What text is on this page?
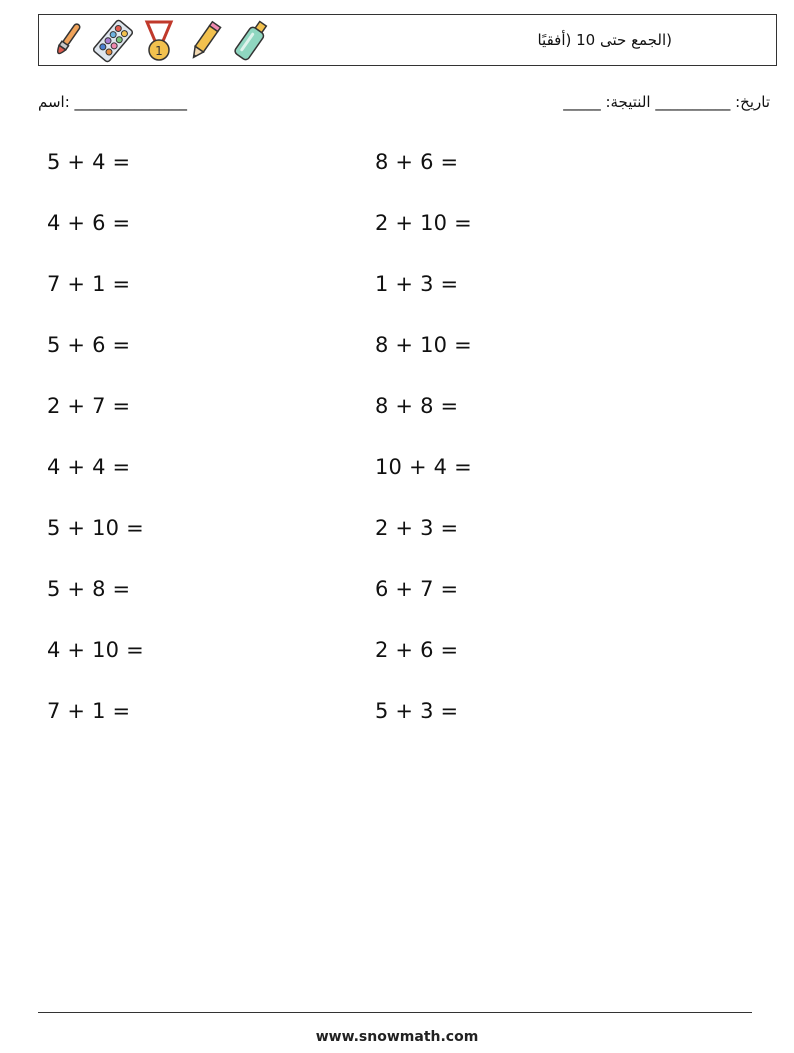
1
(الجمع حتى 10 (أفقيًا
اسم: _______________	_____ :تاريخ: __________ النتيجة
5 + 4 =
4 + 6 =
7 + 1 =
5 + 6 =
2 + 7 =
4 + 4 =
5 + 10 =
5 + 8 =
4 + 10 =
7 + 1 =
8 + 6 =
2 + 10 =
1 + 3 =
8 + 10 =
8 + 8 =
10 + 4 =
2 + 3 =
6 + 7 =
2 + 6 =
5 + 3 =
www.snowmath.com
